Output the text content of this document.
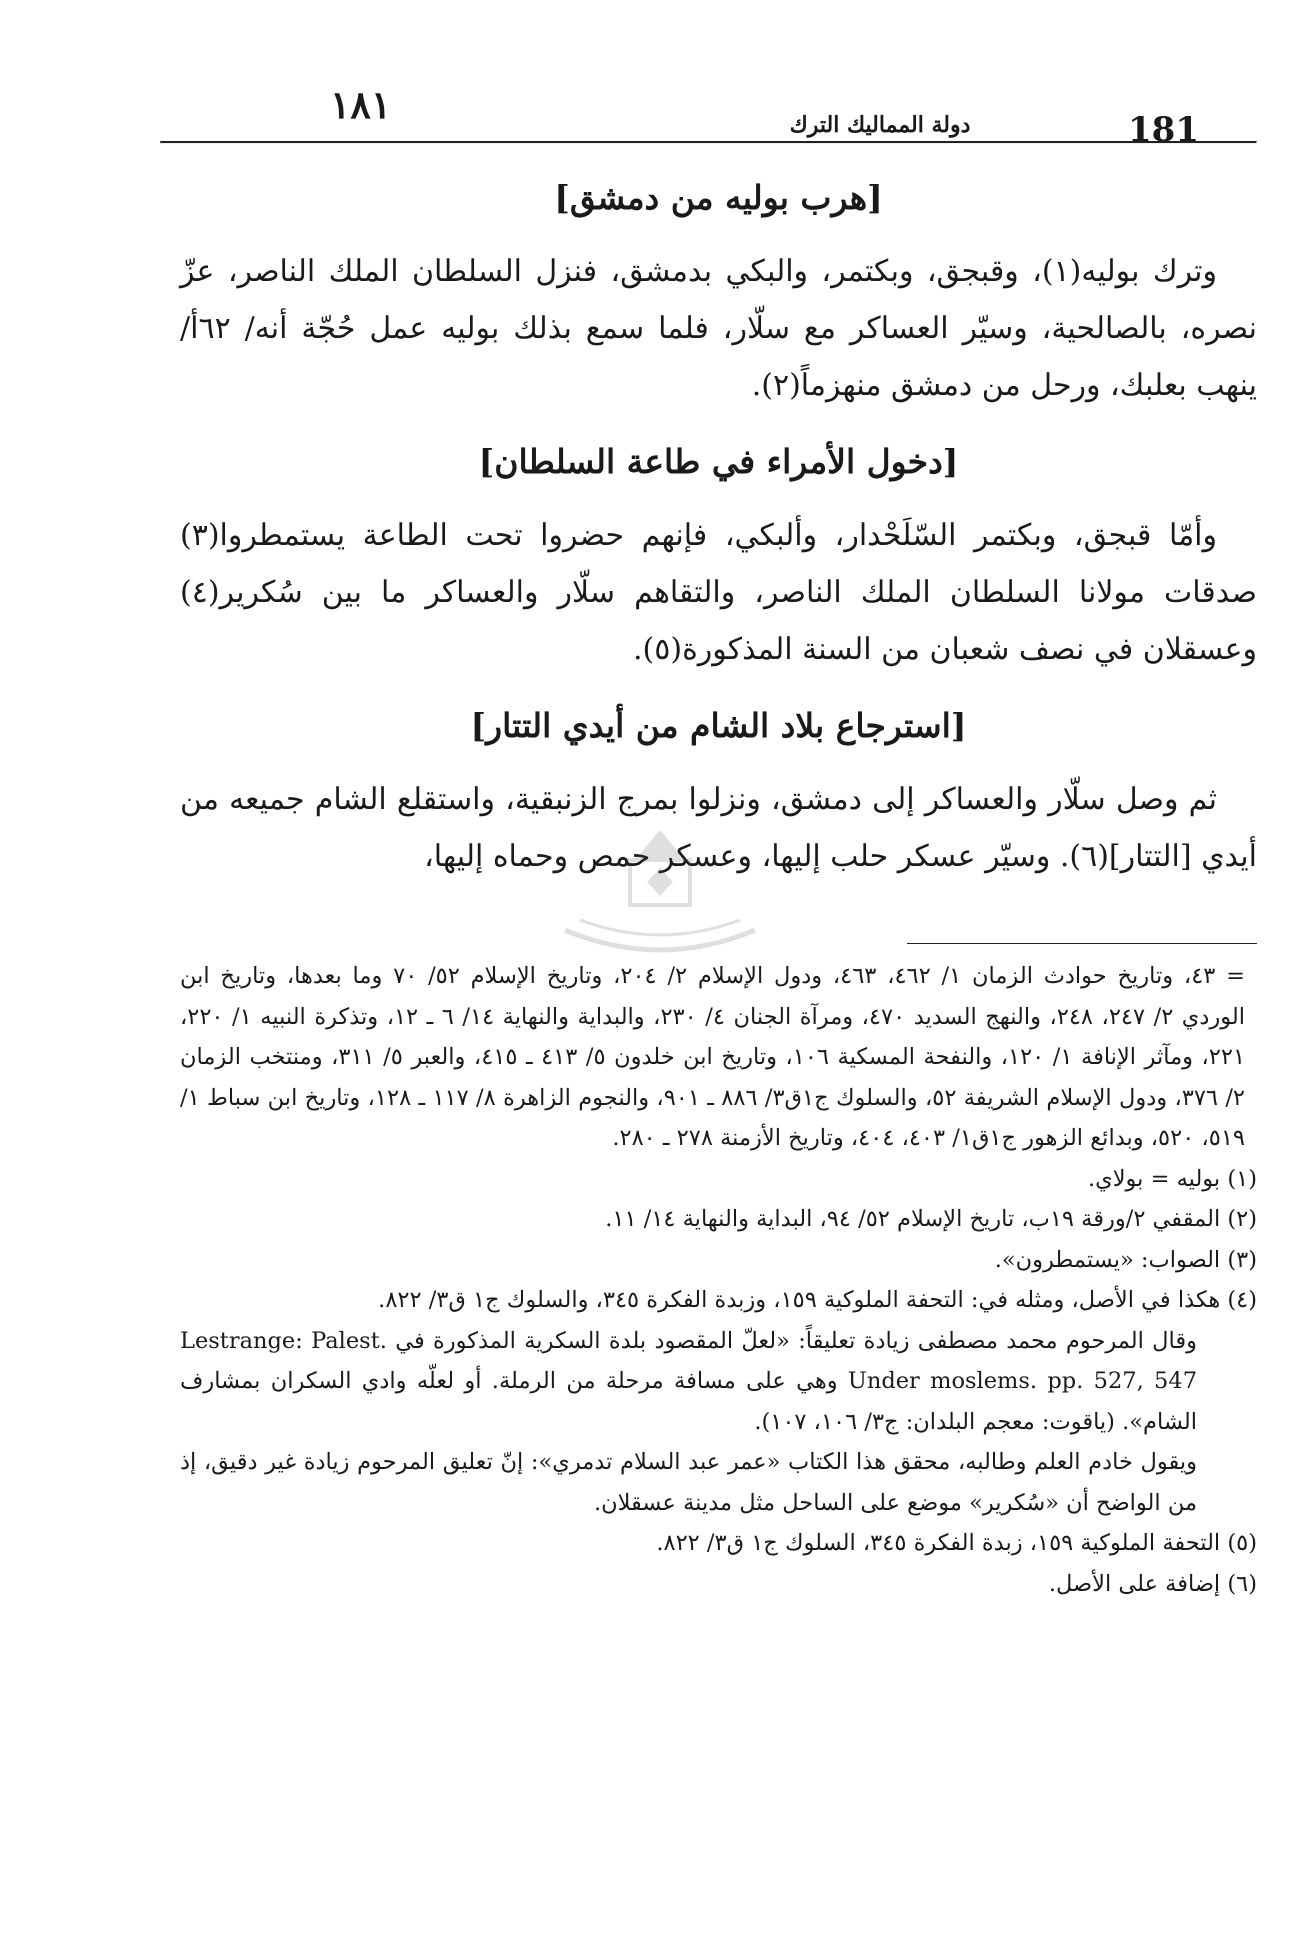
١٨١	دولة المماليك الترك	181
[هرب بوليه من دمشق]

وترك بوليه(١)، وقبجق، وبكتمر، والبكي بدمشق، فنزل السلطان الملك الناصر، عزّ نصره، بالصالحية، وسيّر العساكر مع سلّار، فلما سمع بذلك بوليه عمل حُجّة أنه/ ٦٢أ/ ينهب بعلبك، ورحل من دمشق منهزماً(٢).

[دخول الأمراء في طاعة السلطان]

وأمّا قبجق، وبكتمر السّلَحْدار، وألبكي، فإنهم حضروا تحت الطاعة يستمطروا(٣) صدقات مولانا السلطان الملك الناصر، والتقاهم سلّار والعساكر ما بين سُكرير(٤) وعسقلان في نصف شعبان من السنة المذكورة(٥).

[استرجاع بلاد الشام من أيدي التتار]

ثم وصل سلّار والعساكر إلى دمشق، ونزلوا بمرج الزنبقية، واستقلع الشام جميعه من أيدي [التتار](٦). وسيّر عسكر حلب إليها، وعسكر حمص وحماه إليها،

= ٤٣، وتاريخ حوادث الزمان ١/ ٤٦٢، ٤٦٣، ودول الإسلام ٢/ ٢٠٤، وتاريخ الإسلام ٥٢/ ٧٠ وما بعدها، وتاريخ ابن الوردي ٢/ ٢٤٧، ٢٤٨، والنهج السديد ٤٧٠، ومرآة الجنان ٤/ ٢٣٠، والبداية والنهاية ١٤/ ٦ ـ ١٢، وتذكرة النبيه ١/ ٢٢٠، ٢٢١، ومآثر الإنافة ١/ ١٢٠، والنفحة المسكية ١٠٦، وتاريخ ابن خلدون ٥/ ٤١٣ ـ ٤١٥، والعبر ٥/ ٣١١، ومنتخب الزمان ٢/ ٣٧٦، ودول الإسلام الشريفة ٥٢، والسلوك ج١ق٣/ ٨٨٦ ـ ٩٠١، والنجوم الزاهرة ٨/ ١١٧ ـ ١٢٨، وتاريخ ابن سباط ١/ ٥١٩، ٥٢٠، وبدائع الزهور ج١ق١/ ٤٠٣، ٤٠٤، وتاريخ الأزمنة ٢٧٨ ـ ٢٨٠.

(١) بوليه = بولاي.

(٢) المقفي ٢/ورقة ١٩ب، تاريخ الإسلام ٥٢/ ٩٤، البداية والنهاية ١٤/ ١١.

(٣) الصواب: «يستمطرون».

(٤) هكذا في الأصل، ومثله في: التحفة الملوكية ١٥٩، وزبدة الفكرة ٣٤٥، والسلوك ج١ ق٣/ ٨٢٢.

وقال المرحوم محمد مصطفى زيادة تعليقاً: «لعلّ المقصود بلدة السكرية المذكورة في Lestrange: Palest. Under moslems. pp. 527, 547 وهي على مسافة مرحلة من الرملة. أو لعلّه وادي السكران بمشارف الشام». (ياقوت: معجم البلدان: ج٣/ ١٠٦، ١٠٧).

ويقول خادم العلم وطالبه، محقق هذا الكتاب «عمر عبد السلام تدمري»: إنّ تعليق المرحوم زيادة غير دقيق، إذ من الواضح أن «سُكرير» موضع على الساحل مثل مدينة عسقلان.

(٥) التحفة الملوكية ١٥٩، زبدة الفكرة ٣٤٥، السلوك ج١ ق٣/ ٨٢٢.

(٦) إضافة على الأصل.
